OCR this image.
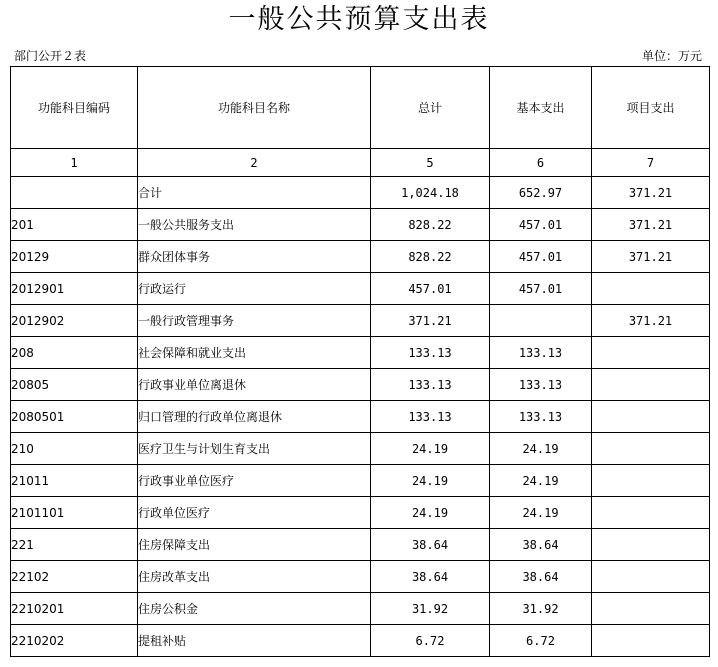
一般公共预算支出表
部门公开２表	单位：万元
功能科目编码	功能科目名称	总计	基本支出	项目支出
1	2	5	6	7
	合计	1,024.18	652.97	371.21
201	一般公共服务支出	828.22	457.01	371.21
20129	群众团体事务	828.22	457.01	371.21
2012901	行政运行	457.01	457.01	
2012902	一般行政管理事务	371.21		371.21
208	社会保障和就业支出	133.13	133.13	
20805	行政事业单位离退休	133.13	133.13	
2080501	归口管理的行政单位离退休	133.13	133.13	
210	医疗卫生与计划生育支出	24.19	24.19	
21011	行政事业单位医疗	24.19	24.19	
2101101	行政单位医疗	24.19	24.19	
221	住房保障支出	38.64	38.64	
22102	住房改革支出	38.64	38.64	
2210201	住房公积金	31.92	31.92	
2210202	提租补贴	6.72	6.72	
